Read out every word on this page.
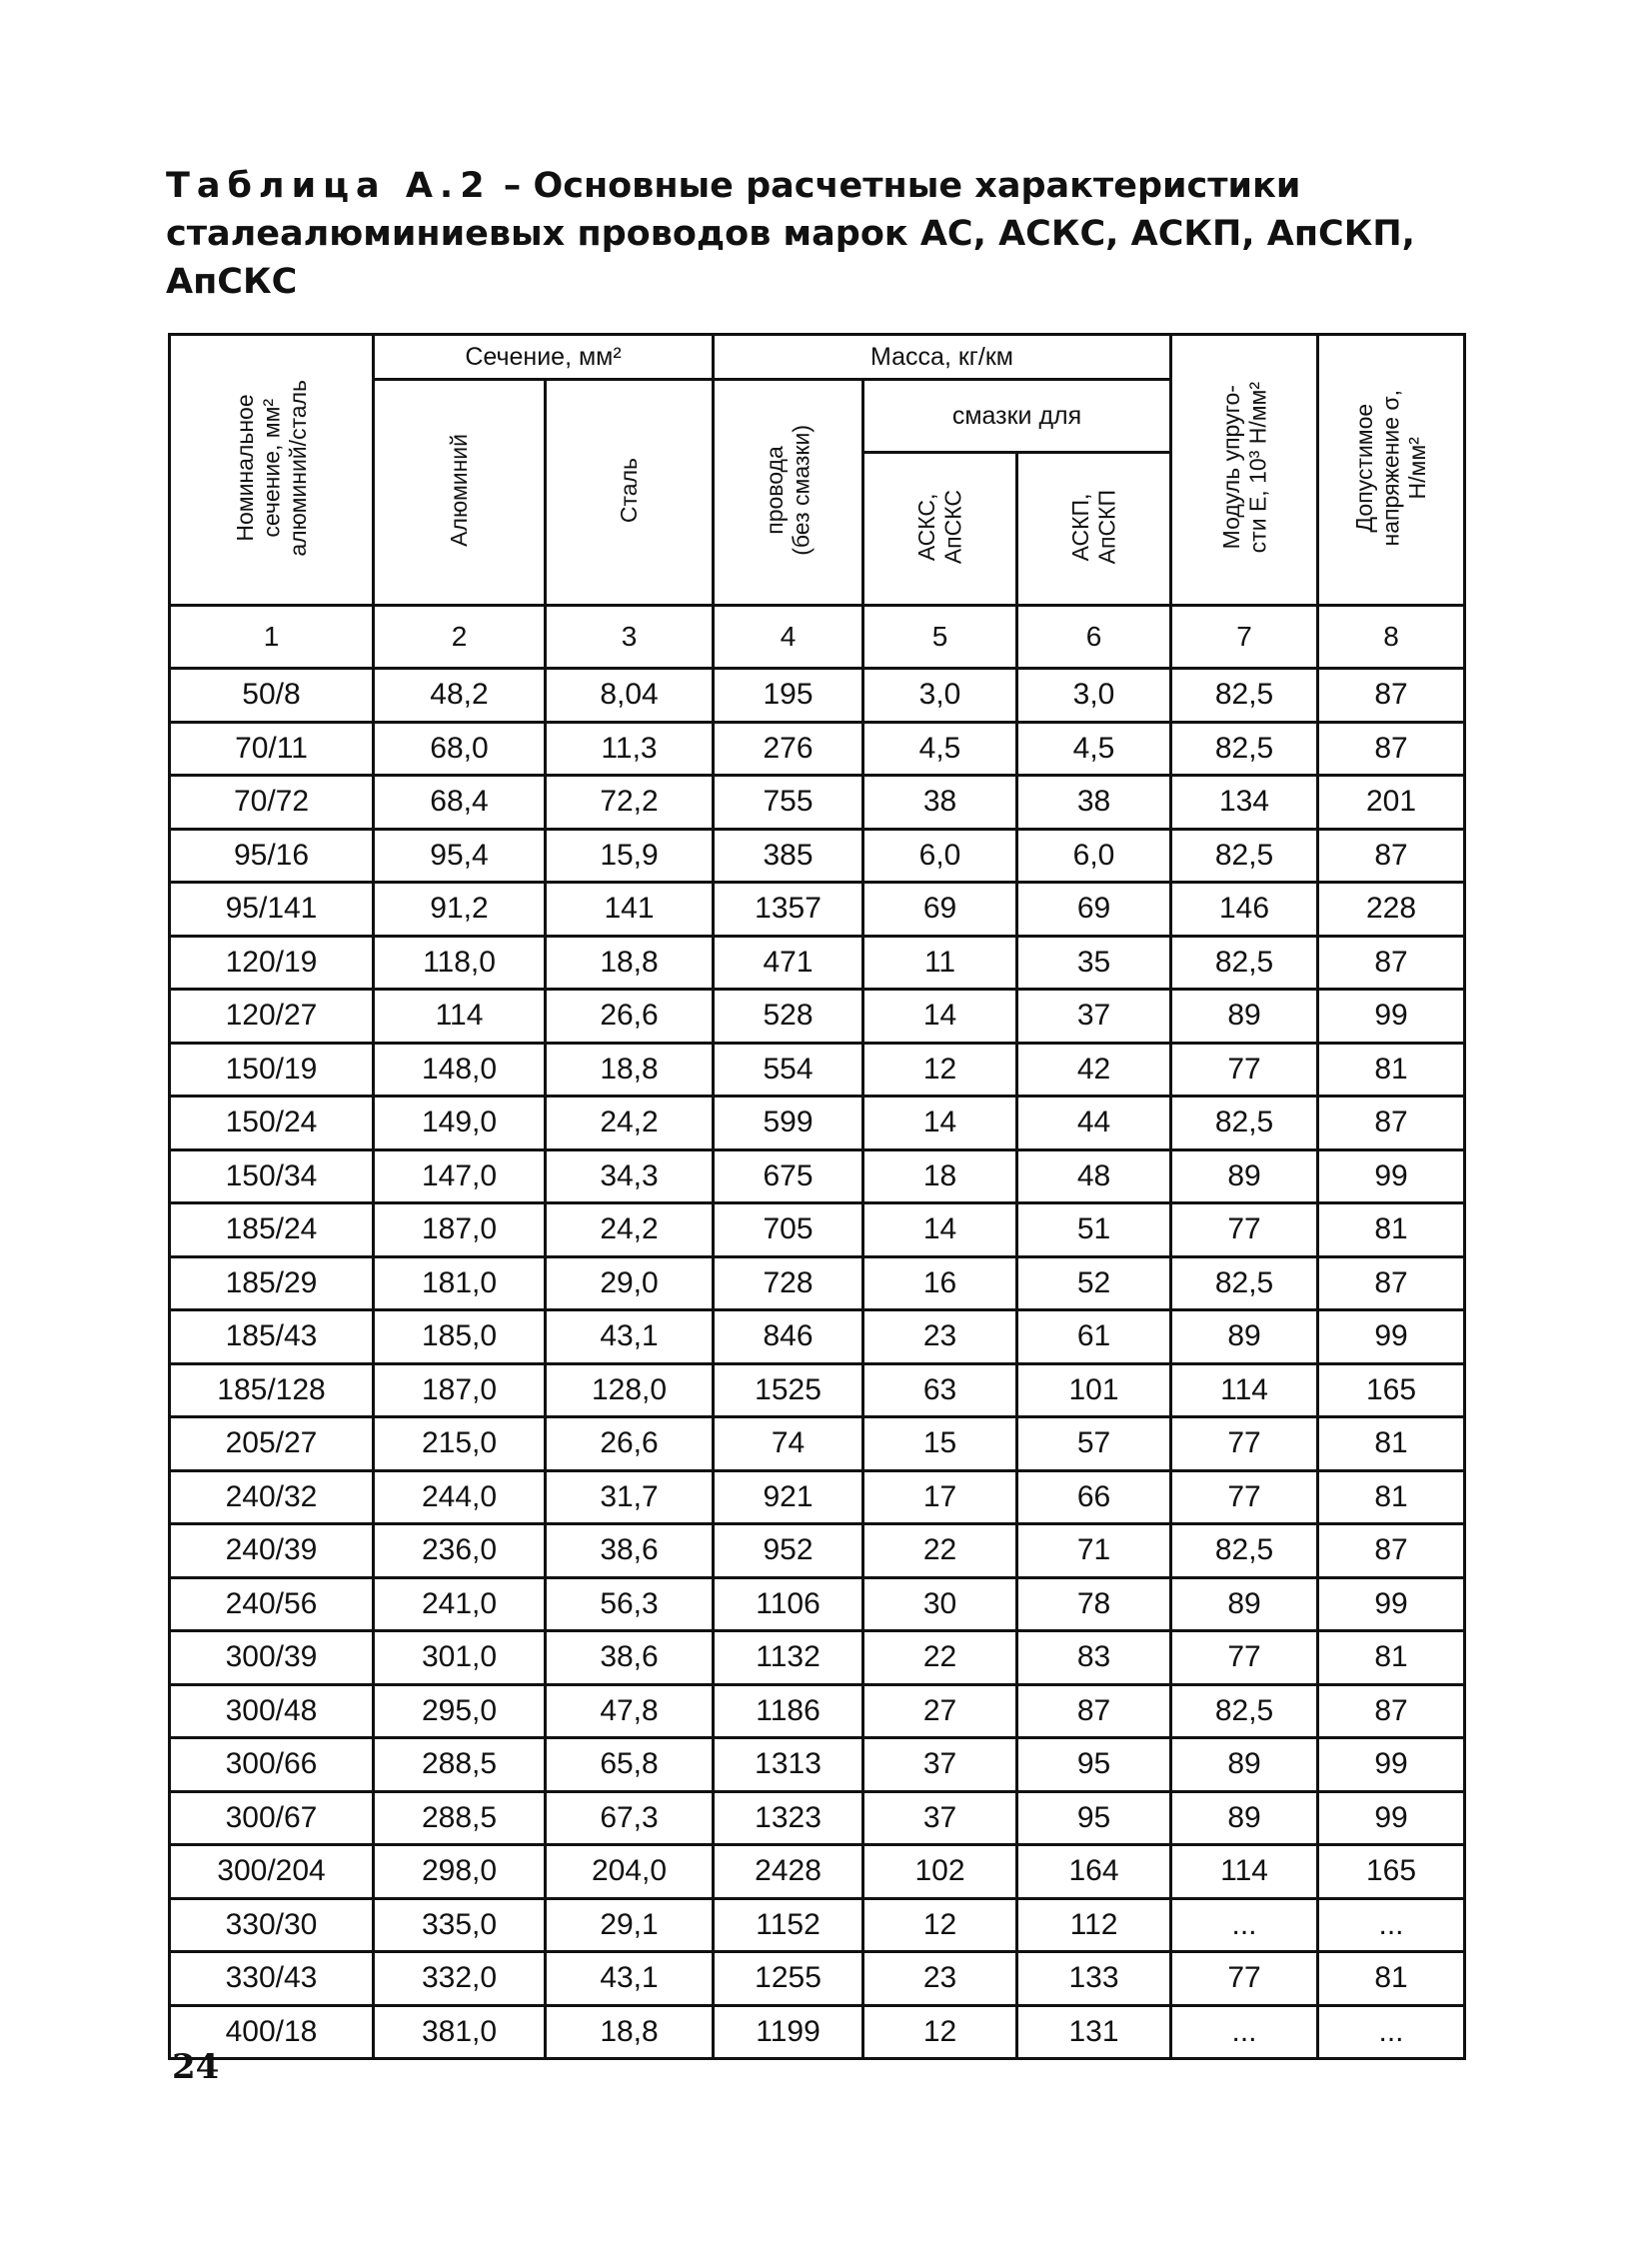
Таблица А.2 – Основные расчетные характеристики сталеалюминиевых проводов марок АС, АСКС, АСКП, АпСКП, АпСКС
Номинальное сечение, мм² алюминий/сталь	Сечение, мм²		Масса, кг/км			Модуль упруго- сти Е, 10³ Н/мм²	Допустимое напряжение σ, Н/мм²

	Алюминий	Сталь	провода (без смазки)	смазки для			

				АСКС, АпСКС	АСКП, АпСКП		

1	2	3	4	5	6	7	8
50/8	48,2	8,04	195	3,0	3,0	82,5	87
70/11	68,0	11,3	276	4,5	4,5	82,5	87
70/72	68,4	72,2	755	38	38	134	201
95/16	95,4	15,9	385	6,0	6,0	82,5	87
95/141	91,2	141	1357	69	69	146	228
120/19	118,0	18,8	471	11	35	82,5	87
120/27	114	26,6	528	14	37	89	99
150/19	148,0	18,8	554	12	42	77	81
150/24	149,0	24,2	599	14	44	82,5	87
150/34	147,0	34,3	675	18	48	89	99
185/24	187,0	24,2	705	14	51	77	81
185/29	181,0	29,0	728	16	52	82,5	87
185/43	185,0	43,1	846	23	61	89	99
185/128	187,0	128,0	1525	63	101	114	165
205/27	215,0	26,6	74	15	57	77	81
240/32	244,0	31,7	921	17	66	77	81
240/39	236,0	38,6	952	22	71	82,5	87
240/56	241,0	56,3	1106	30	78	89	99
300/39	301,0	38,6	1132	22	83	77	81
300/48	295,0	47,8	1186	27	87	82,5	87
300/66	288,5	65,8	1313	37	95	89	99
300/67	288,5	67,3	1323	37	95	89	99
300/204	298,0	204,0	2428	102	164	114	165
330/30	335,0	29,1	1152	12	112	...	...
330/43	332,0	43,1	1255	23	133	77	81
400/18	381,0	18,8	1199	12	131	...	...
24
